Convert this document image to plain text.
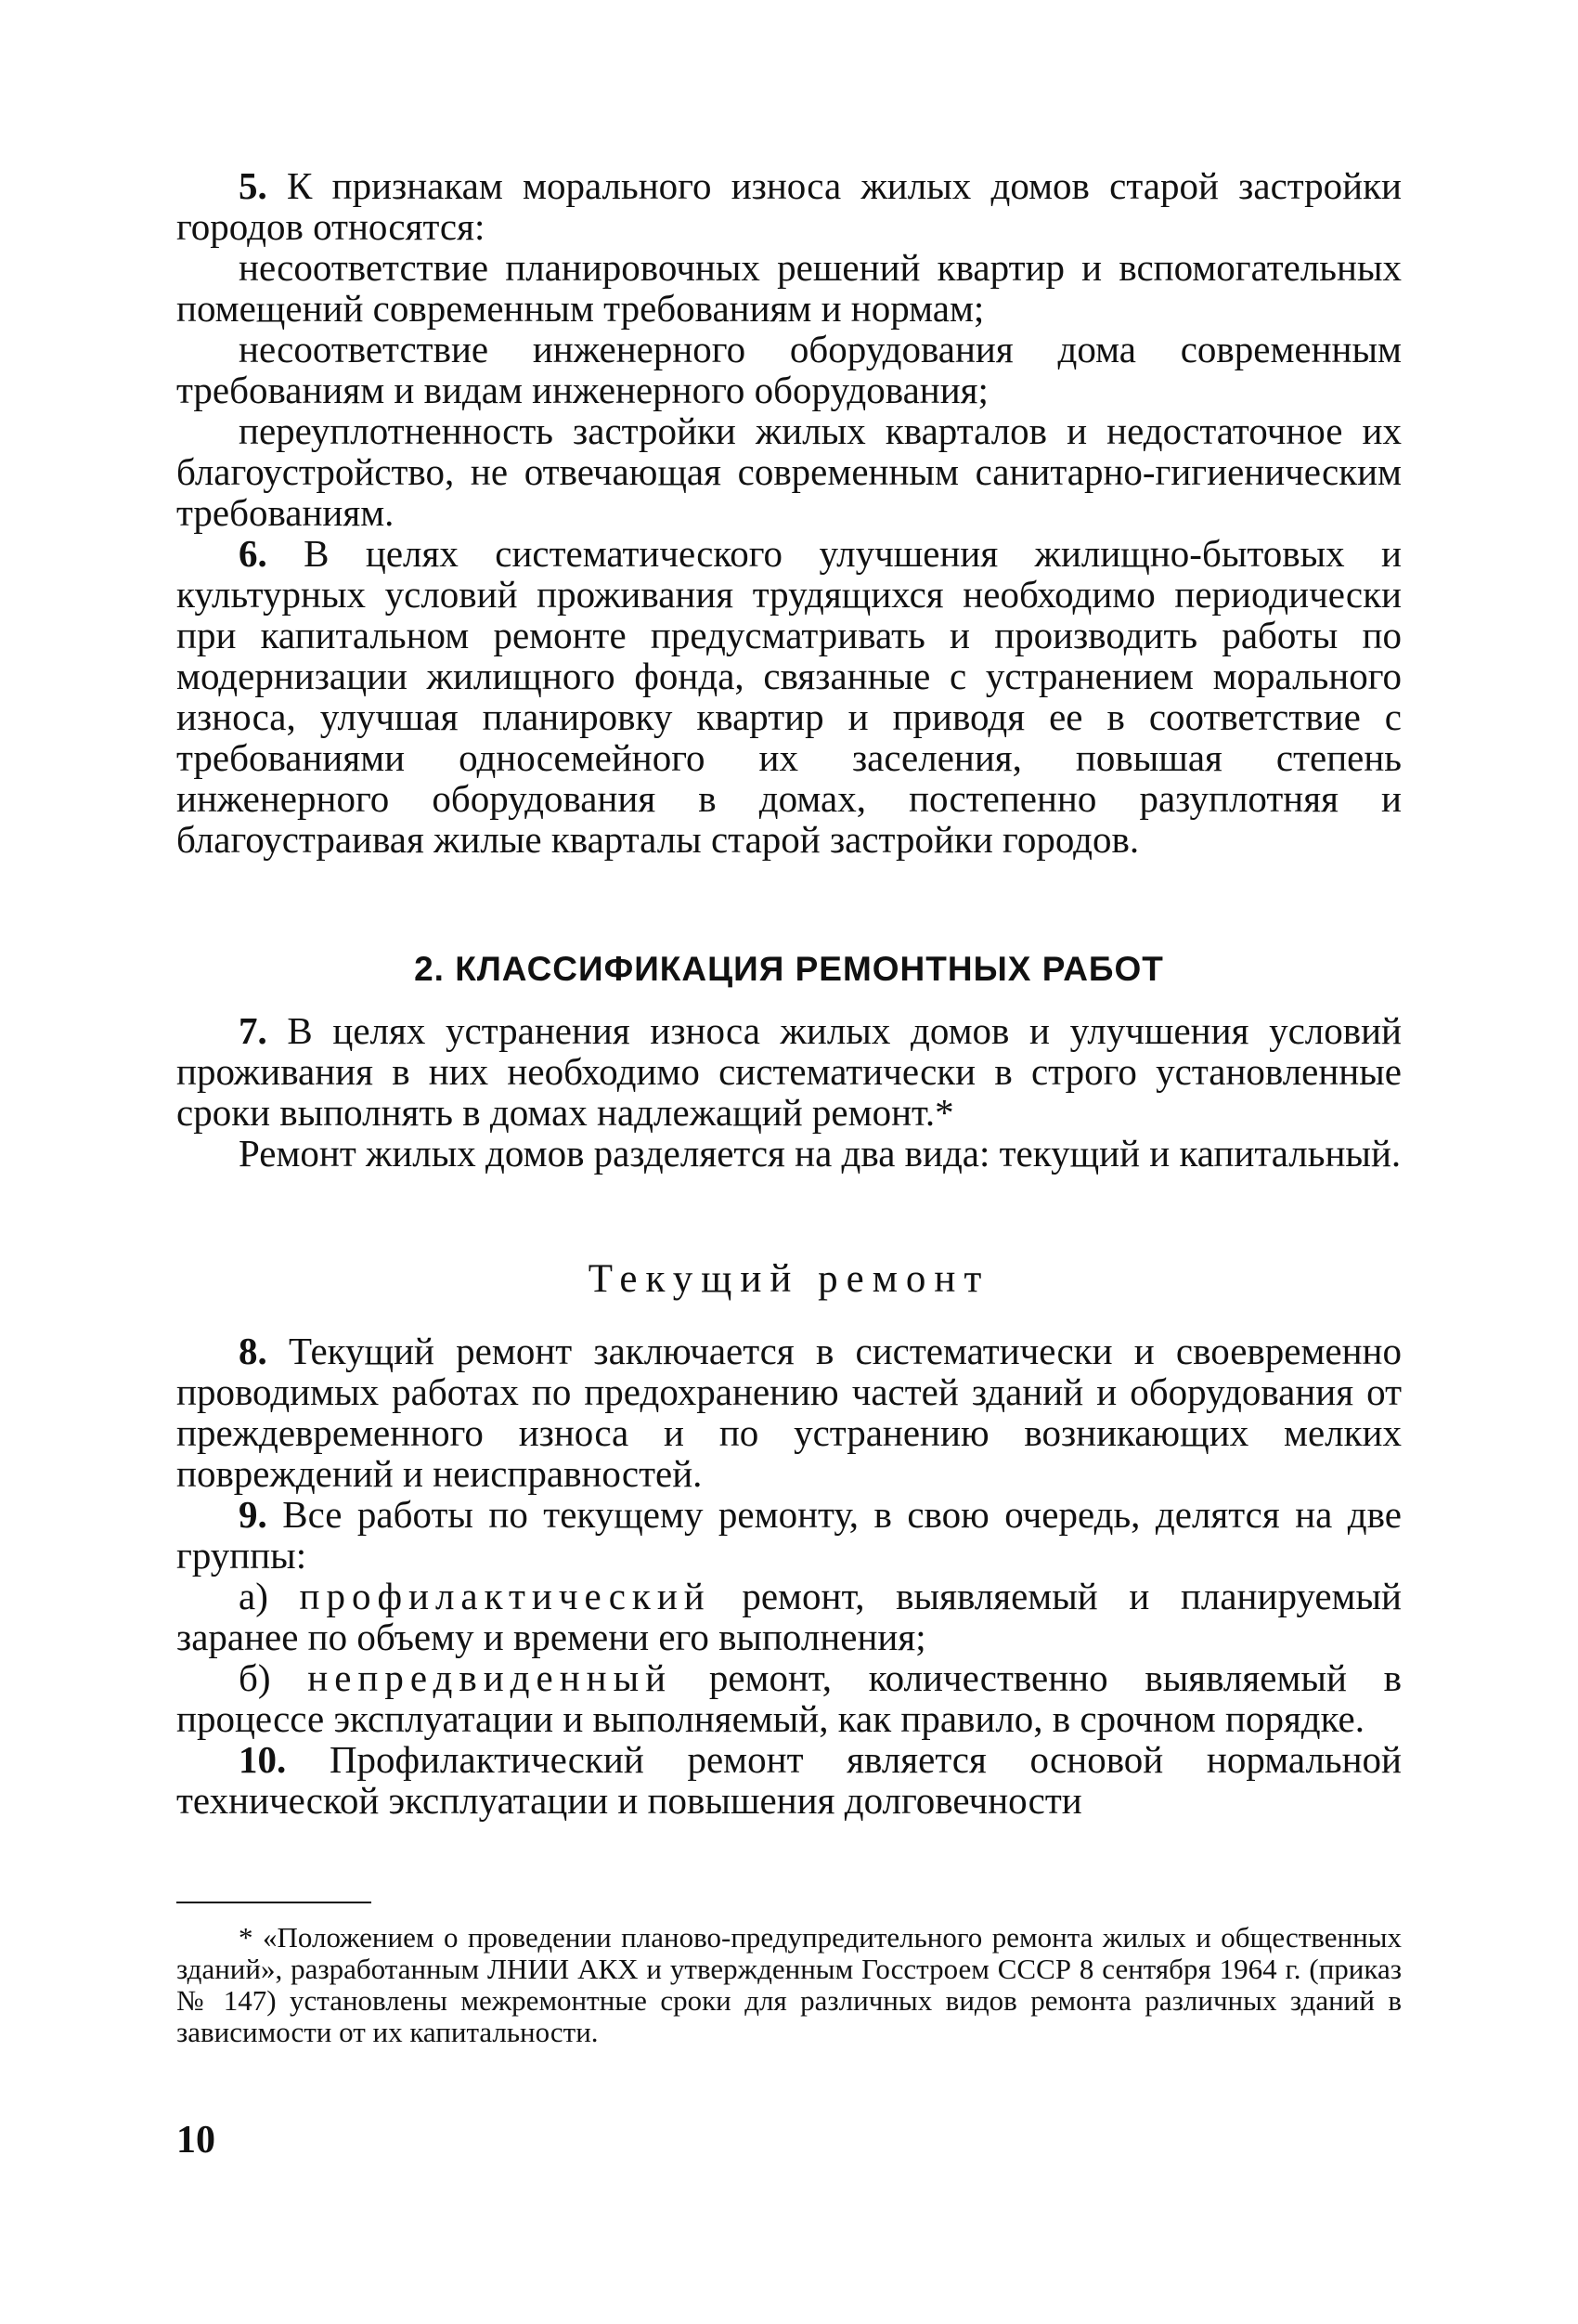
5. К признакам морального износа жилых домов старой застройки городов относятся:

несоответствие планировочных решений квартир и вспомогательных помещений современным требованиям и нормам;

несоответствие инженерного оборудования дома современным требованиям и видам инженерного оборудования;

переуплотненность застройки жилых кварталов и недостаточное их благоустройство, не отвечающая современным санитарно-гигиеническим требованиям.

6. В целях систематического улучшения жилищно-бытовых и культурных условий проживания трудящихся необходимо периодически при капитальном ремонте предусматривать и производить работы по модернизации жилищного фонда, связанные с устранением морального износа, улучшая планировку квартир и приводя ее в соответствие с требованиями односемейного их заселения, повышая степень инженерного оборудования в домах, постепенно разуплотняя и благоустраивая жилые кварталы старой застройки городов.

2. КЛАССИФИКАЦИЯ РЕМОНТНЫХ РАБОТ

7. В целях устранения износа жилых домов и улучшения условий проживания в них необходимо систематически в строго установленные сроки выполнять в домах надлежащий ремонт.*

Ремонт жилых домов разделяется на два вида: текущий и капитальный.

Текущий ремонт

8. Текущий ремонт заключается в систематически и своевременно проводимых работах по предохранению частей зданий и оборудования от преждевременного износа и по устранению возникающих мелких повреждений и неисправностей.

9. Все работы по текущему ремонту, в свою очередь, делятся на две группы:

а) профилактический ремонт, выявляемый и планируемый заранее по объему и времени его выполнения;

б) непредвиденный ремонт, количественно выявляемый в процессе эксплуатации и выполняемый, как правило, в срочном порядке.

10. Профилактический ремонт является основой нормальной технической эксплуатации и повышения долговечности

* «Положением о проведении планово-предупредительного ремонта жилых и общественных зданий», разработанным ЛНИИ АКХ и утвержденным Госстроем СССР 8 сентября 1964 г. (приказ № 147) установлены межремонтные сроки для различных видов ремонта различных зданий в зависимости от их капитальности.

10
